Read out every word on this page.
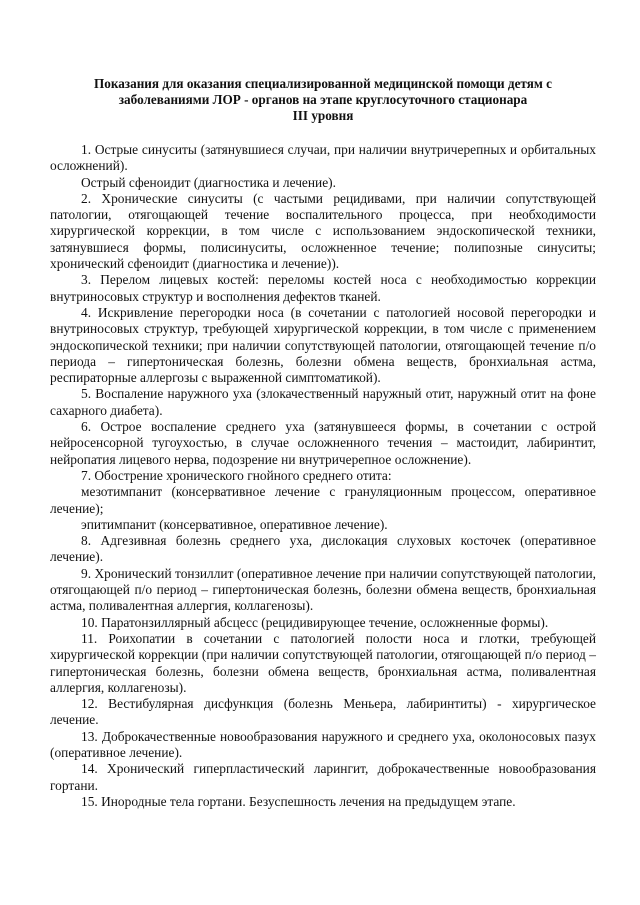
Показания для оказания специализированной медицинской помощи детям с
заболеваниями ЛОР - органов на этапе круглосуточного стационара
III уровня

1. Острые синуситы (затянувшиеся случаи, при наличии внутричерепных и орбитальных осложнений).

Острый сфеноидит (диагностика и лечение).

2. Хронические синуситы (с частыми рецидивами, при наличии сопутствующей патологии, отягощающей течение воспалительного процесса, при необходимости хирургической коррекции, в том числе с использованием эндоскопической техники, затянувшиеся формы, полисинуситы, осложненное течение; полипозные синуситы; хронический сфеноидит (диагностика и лечение)).

3. Перелом лицевых костей: переломы костей носа с необходимостью коррекции внутриносовых структур и восполнения дефектов тканей.

4. Искривление перегородки носа (в сочетании с патологией носовой перегородки и внутриносовых структур, требующей хирургической коррекции, в том числе с применением эндоскопической техники; при наличии сопутствующей патологии, отягощающей течение п/о периода – гипертоническая болезнь, болезни обмена веществ, бронхиальная астма, респираторные аллергозы с выраженной симптоматикой).

5. Воспаление наружного уха (злокачественный наружный отит, наружный отит на фоне сахарного диабета).

6. Острое воспаление среднего уха (затянувшееся формы, в сочетании с острой нейросенсорной тугоухостью, в случае осложненного течения – мастоидит, лабиринтит, нейропатия лицевого нерва, подозрение ни внутричерепное осложнение).

7. Обострение хронического гнойного среднего отита:

мезотимпанит (консервативное лечение с грануляционным процессом, оперативное лечение);

эпитимпанит (консервативное, оперативное лечение).

8. Адгезивная болезнь среднего уха, дислокация слуховых косточек (оперативное лечение).

9. Хронический тонзиллит (оперативное лечение при наличии сопутствующей патологии, отягощающей п/о период – гипертоническая болезнь, болезни обмена веществ, бронхиальная астма, поливалентная аллергия, коллагенозы).

10. Паратонзиллярный абсцесс (рецидивирующее течение, осложненные формы).

11. Роихопатии в сочетании с патологией полости носа и глотки, требующей хирургической коррекции (при наличии сопутствующей патологии, отягощающей п/о период – гипертоническая болезнь, болезни обмена веществ, бронхиальная астма, поливалентная аллергия, коллагенозы).

12. Вестибулярная дисфункция (болезнь Меньера, лабиринтиты) - хирургическое лечение.

13. Доброкачественные новообразования наружного и среднего уха, околоносовых пазух (оперативное лечение).

14. Хронический гиперпластический ларингит, доброкачественные новообразования гортани.

15. Инородные тела гортани. Безуспешность лечения на предыдущем этапе.
